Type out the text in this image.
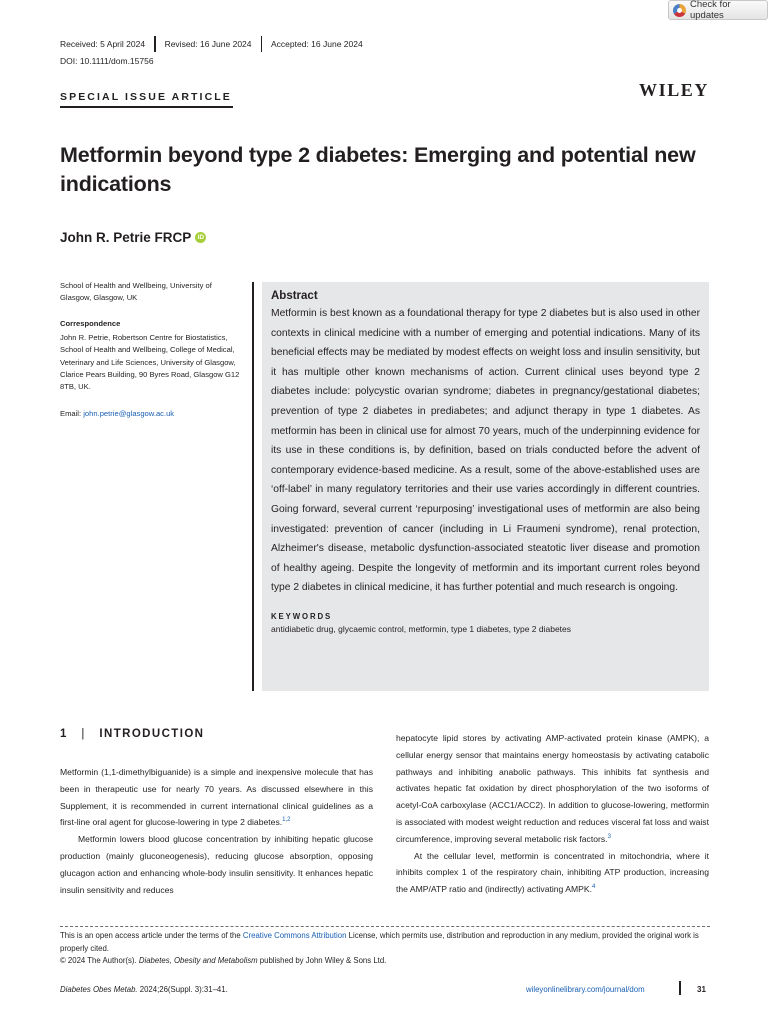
Check for updates
Received: 5 April 2024	Revised: 16 June 2024	Accepted: 16 June 2024
DOI: 10.1111/dom.15756
SPECIAL ISSUE ARTICLE	WILEY
Metformin beyond type 2 diabetes: Emerging and potential new indications
John R. Petrie FRCP iD
School of Health and Wellbeing, University of Glasgow, Glasgow, UK
Correspondence
John R. Petrie, Robertson Centre for Biostatistics, School of Health and Wellbeing, College of Medical, Veterinary and Life Sciences, University of Glasgow, Clarice Pears Building, 90 Byres Road, Glasgow G12 8TB, UK.
Email: john.petrie@glasgow.ac.uk
Abstract

Metformin is best known as a foundational therapy for type 2 diabetes but is also used in other contexts in clinical medicine with a number of emerging and potential indications. Many of its beneficial effects may be mediated by modest effects on weight loss and insulin sensitivity, but it has multiple other known mechanisms of action. Current clinical uses beyond type 2 diabetes include: polycystic ovarian syndrome; diabetes in pregnancy/gestational diabetes; prevention of type 2 diabetes in prediabetes; and adjunct therapy in type 1 diabetes. As metformin has been in clinical use for almost 70 years, much of the underpinning evidence for its use in these conditions is, by definition, based on trials conducted before the advent of contemporary evidence-based medicine. As a result, some of the above-established uses are ‘off-label’ in many regulatory territories and their use varies accordingly in different countries. Going forward, several current ‘repurposing’ investigational uses of metformin are also being investigated: prevention of cancer (including in Li Fraumeni syndrome), renal protection, Alzheimer's disease, metabolic dysfunction-associated steatotic liver disease and promotion of healthy ageing. Despite the longevity of metformin and its important current roles beyond type 2 diabetes in clinical medicine, it has further potential and much research is ongoing.

KEYWORDS
antidiabetic drug, glycaemic control, metformin, type 1 diabetes, type 2 diabetes
1 | INTRODUCTION

Metformin (1,1-dimethylbiguanide) is a simple and inexpensive molecule that has been in therapeutic use for nearly 70 years. As discussed elsewhere in this Supplement, it is recommended in current international clinical guidelines as a first-line oral agent for glucose-lowering in type 2 diabetes.$^{1,2}$

Metformin lowers blood glucose concentration by inhibiting hepatic glucose production (mainly gluconeogenesis), reducing glucose absorption, opposing glucagon action and enhancing whole-body insulin sensitivity. It enhances hepatic insulin sensitivity and reduces

hepatocyte lipid stores by activating AMP-activated protein kinase (AMPK), a cellular energy sensor that maintains energy homeostasis by activating catabolic pathways and inhibiting anabolic pathways. This inhibits fat synthesis and activates hepatic fat oxidation by direct phosphorylation of the two isoforms of acetyl-CoA carboxylase (ACC1/ACC2). In addition to glucose-lowering, metformin is associated with modest weight reduction and reduces visceral fat loss and waist circumference, improving several metabolic risk factors.$^3$

At the cellular level, metformin is concentrated in mitochondria, where it inhibits complex 1 of the respiratory chain, inhibiting ATP production, increasing the AMP/ATP ratio and (indirectly) activating AMPK.$^4$

This is an open access article under the terms of the Creative Commons Attribution License, which permits use, distribution and reproduction in any medium, provided the original work is properly cited.
© 2024 The Author(s). Diabetes, Obesity and Metabolism published by John Wiley & Sons Ltd.
Diabetes Obes Metab. 2024;26(Suppl. 3):31–41.	wileyonlinelibrary.com/journal/dom	31
